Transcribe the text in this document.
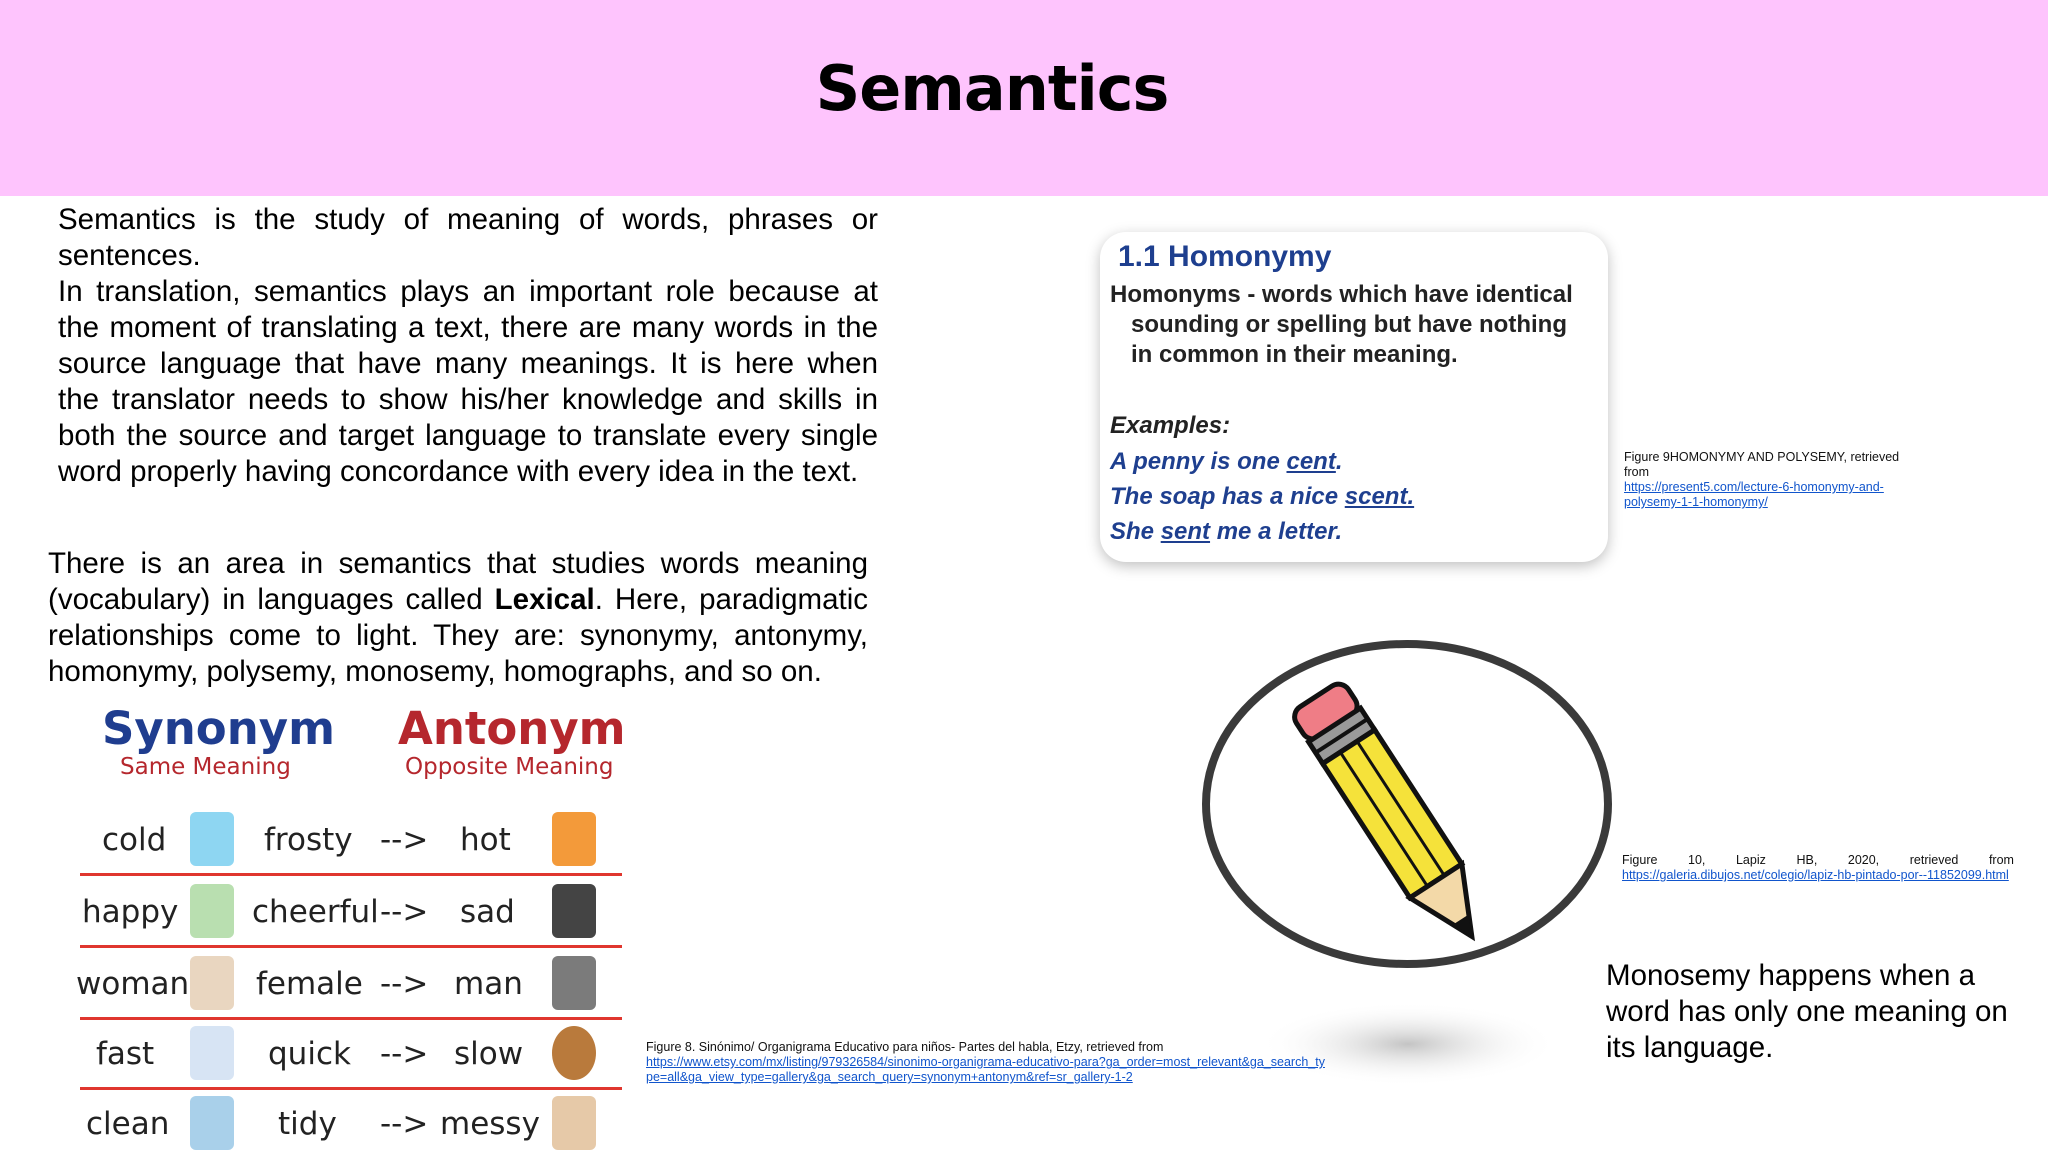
Semantics

Semantics is the study of meaning of words, phrases or sentences.

In translation, semantics plays an important role because at the moment of translating a text, there are many words in the source language that have many meanings. It is here when the translator needs to show his/her knowledge and skills in both the source and target language to translate every single word properly having concordance with every idea in the text.

There is an area in semantics that studies words meaning (vocabulary) in languages called Lexical. Here, paradigmatic relationships come to light. They are: synonymy, antonymy, homonymy, polysemy, monosemy, homographs, and so on.

1.1 Homonymy
Homonyms - words which have identical
sounding or spelling but have nothing
in common in their meaning.
Examples:
A penny is one cent.
The soap has a nice scent.
She sent me a letter.
Figure 9HOMONYMY AND POLYSEMY, retrieved from
https://present5.com/lecture-6-homonymy-and-polysemy-1-1-homonymy/
Figure 10, Lapiz HB, 2020, retrieved from
https://galeria.dibujos.net/colegio/lapiz-hb-pintado-por--11852099.html
Monosemy happens when a word has only one meaning on its language.
Synonym
Same Meaning
Antonym
Opposite Meaning
cold	frosty --> hot
happy cheerful --> sad
woman female --> man
fast	quick --> slow
clean	tidy --> messy
Figure 8. Sinónimo/ Organigrama Educativo para niños- Partes del habla, Etzy, retrieved from
https://www.etsy.com/mx/listing/979326584/sinonimo-organigrama-educativo-para?ga_order=most_relevant&ga_search_type=all&ga_view_type=gallery&ga_search_query=synonym+antonym&ref=sr_gallery-1-2
